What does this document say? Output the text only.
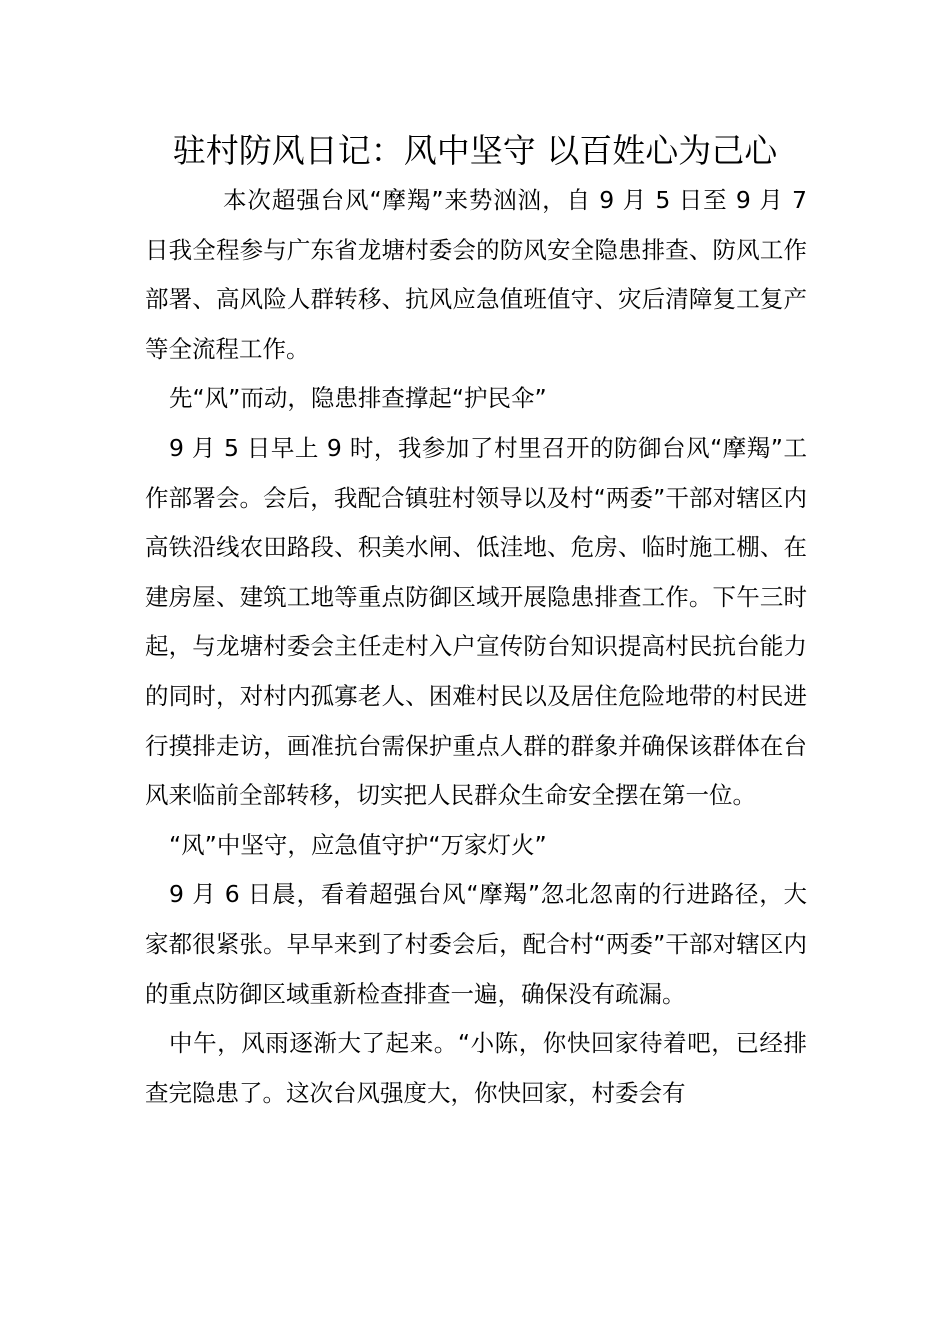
驻村防风日记：风中坚守 以百姓心为己心

本次超强台风“摩羯”来势汹汹，自 9 月 5 日至 9 月 7 日我全程参与广东省龙塘村委会的防风安全隐患排查、防风工作部署、高风险人群转移、抗风应急值班值守、灾后清障复工复产等全流程工作。

先“风”而动，隐患排查撑起“护民伞”

9 月 5 日早上 9 时，我参加了村里召开的防御台风“摩羯”工作部署会。会后，我配合镇驻村领导以及村“两委”干部对辖区内高铁沿线农田路段、积美水闸、低洼地、危房、临时施工棚、在建房屋、建筑工地等重点防御区域开展隐患排查工作。下午三时起，与龙塘村委会主任走村入户宣传防台知识提高村民抗台能力的同时，对村内孤寡老人、困难村民以及居住危险地带的村民进行摸排走访，画准抗台需保护重点人群的群象并确保该群体在台风来临前全部转移，切实把人民群众生命安全摆在第一位。

“风”中坚守，应急值守护“万家灯火”

9 月 6 日晨，看着超强台风“摩羯”忽北忽南的行进路径，大家都很紧张。早早来到了村委会后，配合村“两委”干部对辖区内的重点防御区域重新检查排查一遍，确保没有疏漏。

中午，风雨逐渐大了起来。“小陈，你快回家待着吧，已经排查完隐患了。这次台风强度大，你快回家，村委会有
